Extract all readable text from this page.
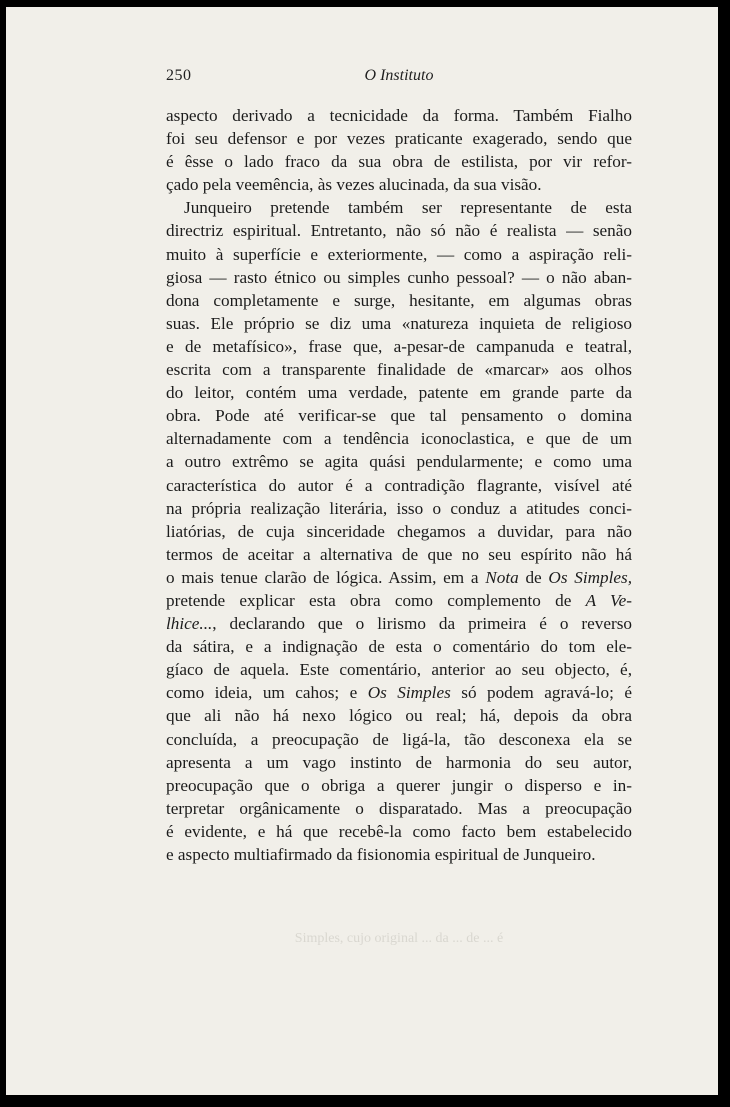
250	O Instituto
aspecto derivado a tecnicidade da forma. Também Fialho
foi seu defensor e por vezes praticante exagerado, sendo que
é êsse o lado fraco da sua obra de estilista, por vir refor-
çado pela veemência, às vezes alucinada, da sua visão.
Junqueiro pretende também ser representante de esta
directriz espiritual. Entretanto, não só não é realista — senão
muito à superfície e exteriormente, — como a aspiração reli-
giosa — rasto étnico ou simples cunho pessoal? — o não aban-
dona completamente e surge, hesitante, em algumas obras
suas. Ele próprio se diz uma «natureza inquieta de religioso
e de metafísico», frase que, a-pesar-de campanuda e teatral,
escrita com a transparente finalidade de «marcar» aos olhos
do leitor, contém uma verdade, patente em grande parte da
obra. Pode até verificar-se que tal pensamento o domina
alternadamente com a tendência iconoclastica, e que de um
a outro extrêmo se agita quási pendularmente; e como uma
característica do autor é a contradição flagrante, visível até
na própria realização literária, isso o conduz a atitudes conci-
liatórias, de cuja sinceridade chegamos a duvidar, para não
termos de aceitar a alternativa de que no seu espírito não há
o mais tenue clarão de lógica. Assim, em a Nota de Os Simples,
pretende explicar esta obra como complemento de A Ve-
lhice..., declarando que o lirismo da primeira é o reverso
da sátira, e a indignação de esta o comentário do tom ele-
gíaco de aquela. Este comentário, anterior ao seu objecto, é,
como ideia, um cahos; e Os Simples só podem agravá-lo; é
que ali não há nexo lógico ou real; há, depois da obra
concluída, a preocupação de ligá-la, tão desconexa ela se
apresenta a um vago instinto de harmonia do seu autor,
preocupação que o obriga a querer jungir o disperso e in-
terpretar orgânicamente o disparatado. Mas a preocupação
é evidente, e há que recebê-la como facto bem estabelecido
e aspecto multiafirmado da fisionomia espiritual de Junqueiro.
Simples, cujo original ... da ... de ... é
